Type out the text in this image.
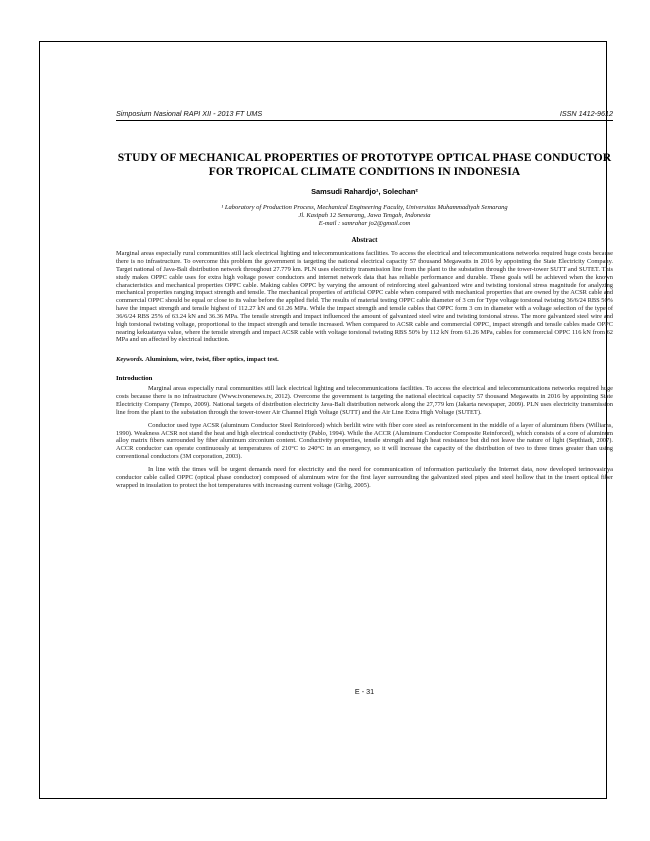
Simposium Nasional RAPI XII - 2013 FT UMS	ISSN 1412-9612
STUDY OF MECHANICAL PROPERTIES OF PROTOTYPE OPTICAL PHASE CONDUCTOR FOR TROPICAL CLIMATE CONDITIONS IN INDONESIA
Samsudi Rahardjo¹, Solechan²
¹ Laboratory of Production Process, Mechanical Engineering Faculty, Universitas Muhammadiyah Semarang
Jl. Kasipah 12 Semarang, Jawa Tengah, Indonesia
E-mail : samrahar jo2@gmail.com
Abstract
Marginal areas especially rural communities still lack electrical lighting and telecommunications facilities. To access the electrical and telecommunications networks required huge costs because there is no infrastructure. To overcome this problem the government is targeting the national electrical capacity 57 thousand Megawatts in 2016 by appointing the State Electricity Company. Target national of Java-Bali distribution network throughout 27.779 km. PLN uses electricity transmission line from the plant to the substation through the tower-tower SUTT and SUTET. This study makes OPPC cable uses for extra high voltage power conductors and internet network data that has reliable performance and durable. These goals will be achieved when the known characteristics and mechanical properties OPPC cable. Making cables OPPC by varying the amount of reinforcing steel galvanized wire and twisting torsional stress magnitude for analyzing mechanical properties ranging impact strength and tensile. The mechanical properties of artificial OPPC cable when compared with mechanical properties that are owned by the ACSR cable and commercial OPPC should be equal or close to its value before the applied field. The results of material testing OPPC cable diameter of 3 cm for Type voltage torsional twisting 36/6/24 RBS 50% have the impact strength and tensile highest of 112.27 kN and 61.26 MPa. While the impact strength and tensile cables that OPPC form 3 cm in diameter with a voltage selection of the type of 36/6/24 RBS 25% of 63.24 kN and 36.36 MPa. The tensile strength and impact influenced the amount of galvanized steel wire and twisting torsional stress. The more galvanized steel wire and high torsional twisting voltage, proportional to the impact strength and tensile increased. When compared to ACSR cable and commercial OPPC, impact strength and tensile cables made OPPC nearing kekuatanya value, where the tensile strength and impact ACSR cable with voltage torsional twisting RBS 50% by 112 kN from 61.26 MPa, cables for commercial OPPC 116 kN from 62 MPa and un affected by electrical induction.
Keywords. Aluminium, wire, twist, fiber optics, impact test.
Introduction
Marginal areas especially rural communities still lack electrical lighting and telecommunications facilities. To access the electrical and telecommunications networks required huge costs because there is no infrastructure (Www.tvonenews.tv, 2012). Overcome the government is targeting the national electrical capacity 57 thousand Megawatts in 2016 by appointing State Electricity Company (Tempo, 2009). National targets of distribution electricity Java-Bali distribution network along the 27,779 km (Jakarta newspaper, 2009). PLN uses electricity transmission line from the plant to the substation through the tower-tower Air Channel High Voltage (SUTT) and the Air Line Extra High Voltage (SUTET).
Conductor used type ACSR (aluminum Conductor Steel Reinforced) which berlilit wire with fiber core steel as reinforcement in the middle of a layer of aluminum fibers (Williams, 1990). Weakness ACSR not stand the heat and high electrical conductivity (Pablo, 1994). While the ACCR (Aluminum Conductor Composite Reinforced), which consists of a core of aluminum alloy matrix fibers surrounded by fiber aluminum zirconium content. Conductivity properties, tensile strength and high heat resistance but did not leave the nature of light (Septhiadi, 2007). ACCR conductor can operate continuously at temperatures of 210°C to 240°C in an emergency, so it will increase the capacity of the distribution of two to three times greater than using conventional conductors (3M corporation, 2003).
In line with the times will be urgent demands need for electricity and the need for communication of information particularly the Internet data, now developed terinovasinya conductor cable called OPPC (optical phase conductor) composed of aluminum wire for the first layer surrounding the galvanized steel pipes and steel hollow that in the insert optical fiber wrapped in insulation to protect the hot temperatures with increasing current voltage (Girlig, 2005).
E - 31
